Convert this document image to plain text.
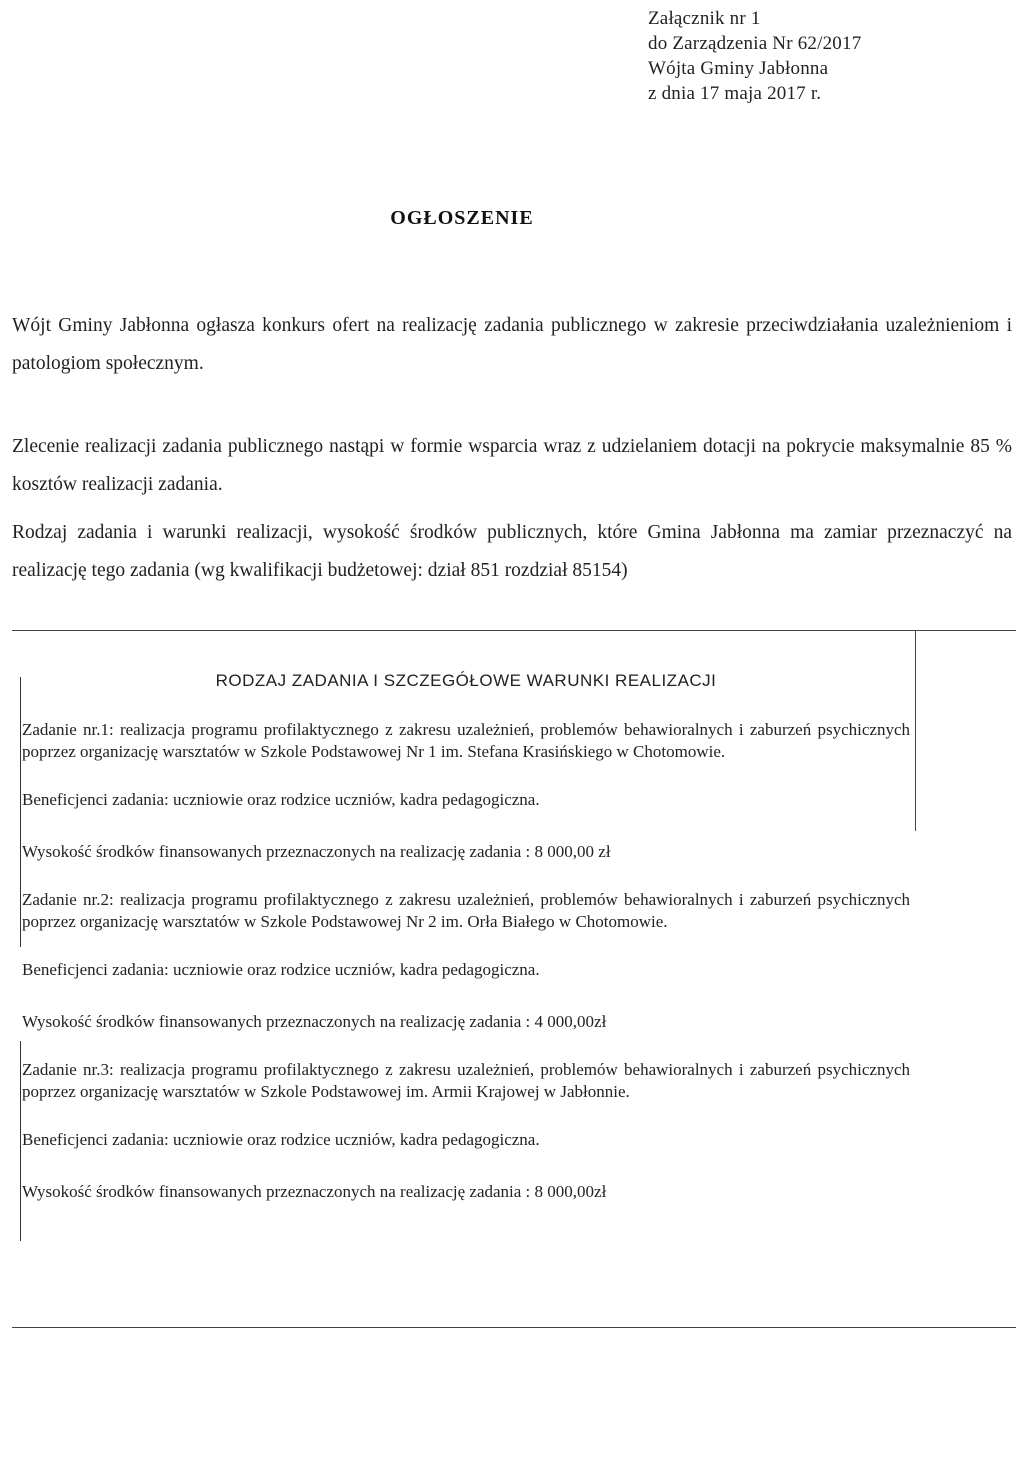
Załącznik nr 1
do Zarządzenia Nr 62/2017
Wójta Gminy Jabłonna
z dnia 17 maja 2017 r.
OGŁOSZENIE
Wójt Gminy Jabłonna ogłasza konkurs ofert na realizację zadania publicznego w zakresie przeciwdziałania uzależnieniom i patologiom społecznym.
Zlecenie realizacji zadania publicznego nastąpi w formie wsparcia wraz z udzielaniem dotacji na pokrycie maksymalnie 85 % kosztów realizacji zadania.
Rodzaj zadania i warunki realizacji, wysokość środków publicznych, które Gmina Jabłonna ma zamiar przeznaczyć na realizację tego zadania (wg kwalifikacji budżetowej: dział 851 rozdział 85154)
RODZAJ ZADANIA I SZCZEGÓŁOWE WARUNKI REALIZACJI
Zadanie nr.1: realizacja programu profilaktycznego z zakresu uzależnień, problemów behawioralnych i zaburzeń psychicznych poprzez organizację warsztatów w Szkole Podstawowej Nr 1 im. Stefana Krasińskiego w Chotomowie.
Beneficjenci zadania: uczniowie oraz rodzice uczniów, kadra pedagogiczna.
Wysokość środków finansowanych przeznaczonych na realizację zadania : 8 000,00 zł
Zadanie nr.2: realizacja programu profilaktycznego z zakresu uzależnień, problemów behawioralnych i zaburzeń psychicznych poprzez organizację warsztatów w Szkole Podstawowej Nr 2 im. Orła Białego w Chotomowie.
Beneficjenci zadania: uczniowie oraz rodzice uczniów, kadra pedagogiczna.
Wysokość środków finansowanych przeznaczonych na realizację zadania : 4 000,00zł
Zadanie nr.3: realizacja programu profilaktycznego z zakresu uzależnień, problemów behawioralnych i zaburzeń psychicznych poprzez organizację warsztatów w Szkole Podstawowej im. Armii Krajowej w Jabłonnie.
Beneficjenci zadania: uczniowie oraz rodzice uczniów, kadra pedagogiczna.
Wysokość środków finansowanych przeznaczonych na realizację zadania : 8 000,00zł
